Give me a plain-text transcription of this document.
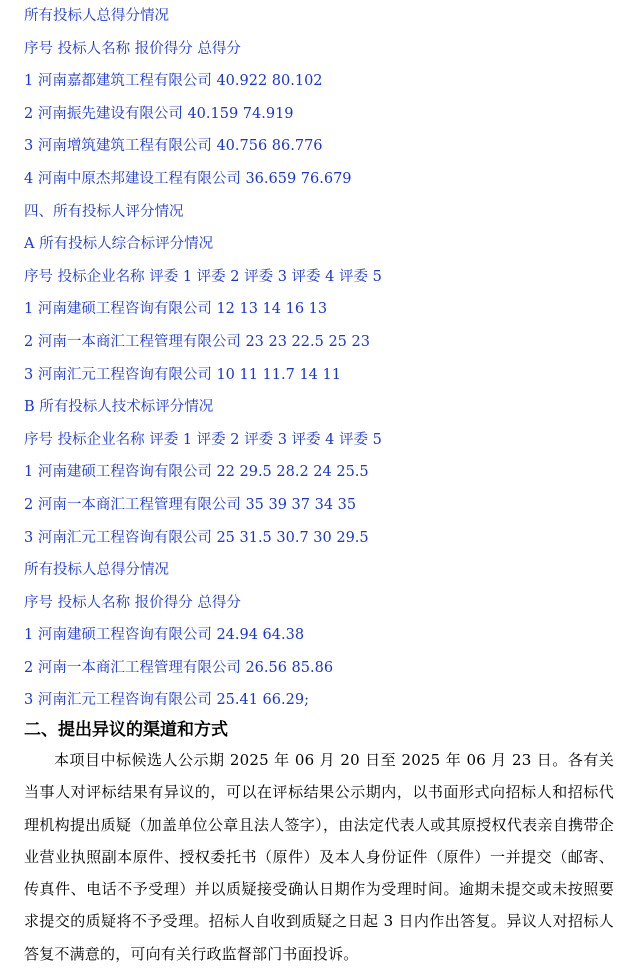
所有投标人总得分情况
序号 投标人名称 报价得分 总得分
1 河南嘉都建筑工程有限公司 40.922 80.102
2 河南振先建设有限公司 40.159 74.919
3 河南增筑建筑工程有限公司 40.756 86.776
4 河南中原杰邦建设工程有限公司 36.659 76.679
四、所有投标人评分情况
A 所有投标人综合标评分情况
序号 投标企业名称 评委 1 评委 2 评委 3 评委 4 评委 5
1 河南建硕工程咨询有限公司 12 13 14 16 13
2 河南一本商汇工程管理有限公司 23 23 22.5 25 23
3 河南汇元工程咨询有限公司 10 11 11.7 14 11
B 所有投标人技术标评分情况
序号 投标企业名称 评委 1 评委 2 评委 3 评委 4 评委 5
1 河南建硕工程咨询有限公司 22 29.5 28.2 24 25.5
2 河南一本商汇工程管理有限公司 35 39 37 34 35
3 河南汇元工程咨询有限公司 25 31.5 30.7 30 29.5
所有投标人总得分情况
序号 投标人名称 报价得分 总得分
1 河南建硕工程咨询有限公司 24.94 64.38
2 河南一本商汇工程管理有限公司 26.56 85.86
3 河南汇元工程咨询有限公司 25.41 66.29;
二、提出异议的渠道和方式

本项目中标候选人公示期 2025 年 06 月 20 日至 2025 年 06 月 23 日。各有关当事人对评标结果有异议的，可以在评标结果公示期内，以书面形式向招标人和招标代理机构提出质疑（加盖单位公章且法人签字），由法定代表人或其原授权代表亲自携带企业营业执照副本原件、授权委托书（原件）及本人身份证件（原件）一并提交（邮寄、传真件、电话不予受理）并以质疑接受确认日期作为受理时间。逾期未提交或未按照要求提交的质疑将不予受理。招标人自收到质疑之日起 3 日内作出答复。异议人对招标人答复不满意的，可向有关行政监督部门书面投诉。
